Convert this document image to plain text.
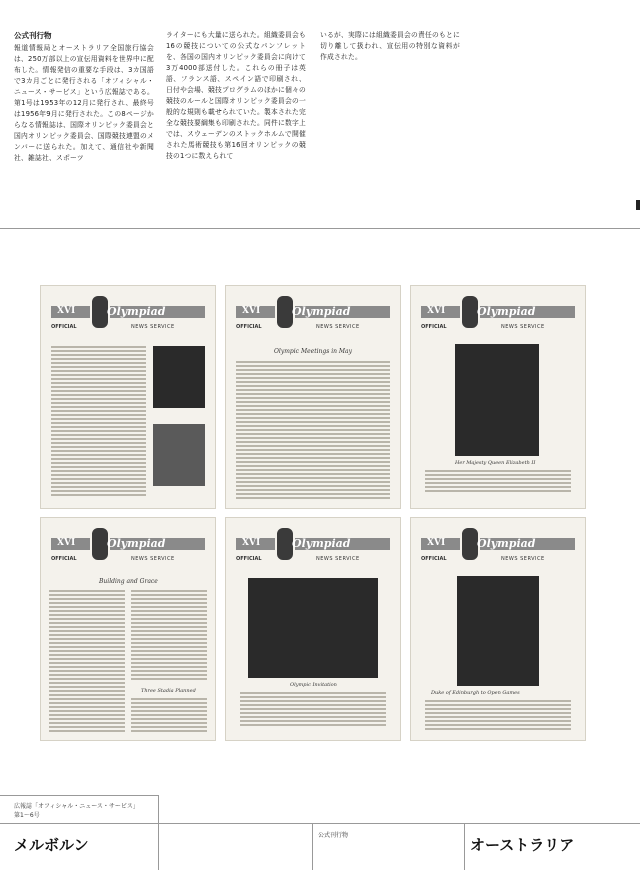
公式刊行物
報道情報局とオーストラリア全国旅行協会は、250万部以上の宣伝用資料を世界中に配布した。情報発信の重要な手段は、3カ国語で3カ月ごとに発行される「オフィシャル・ニュース・サービス」という広報誌である。第1号は1953年の12月に発行され、最終号は1956年9月に発行された。この8ページからなる情報誌は、国際オリンピック委員会と国内オリンピック委員会、国際競技連盟のメンバーに送られた。加えて、通信社や新聞社、雑誌社、スポーツ
ライターにも大量に送られた。組織委員会も16の競技についての公式なパンフレットを、各国の国内オリンピック委員会に向けて3万4000部送付した。これらの冊子は英語、フランス語、スペイン語で印刷され、日付や会場、競技プログラムのほかに個々の競技のルールと国際オリンピック委員会の一般的な規則も載せられていた。製本された完全な競技要綱集も印刷された。同件に数字上では、スウェーデンのストックホルムで開催された馬術競技も第16回オリンピックの競技の1つに数えられて
いるが、実際には組織委員会の責任のもとに切り離して扱われ、宣伝用の特別な資料が作成された。
XVI	Olympiad
OFFICIAL	NEWS SERVICE
XVI	Olympiad
OFFICIAL	NEWS SERVICE
Olympic Meetings in May
XVI	Olympiad
OFFICIAL	NEWS SERVICE
Her Majesty Queen Elizabeth II
XVI	Olympiad
OFFICIAL	NEWS SERVICE
Building and Grace
Three Stadia Planned
XVI	Olympiad
OFFICIAL	NEWS SERVICE
Olympic Invitation
XVI	Olympiad
OFFICIAL	NEWS SERVICE
Duke of Edinburgh to Open Games
広報誌「オフィシャル・ニュース・サービス」
第1～6号
メルボルン
公式刊行物
オーストラリア
